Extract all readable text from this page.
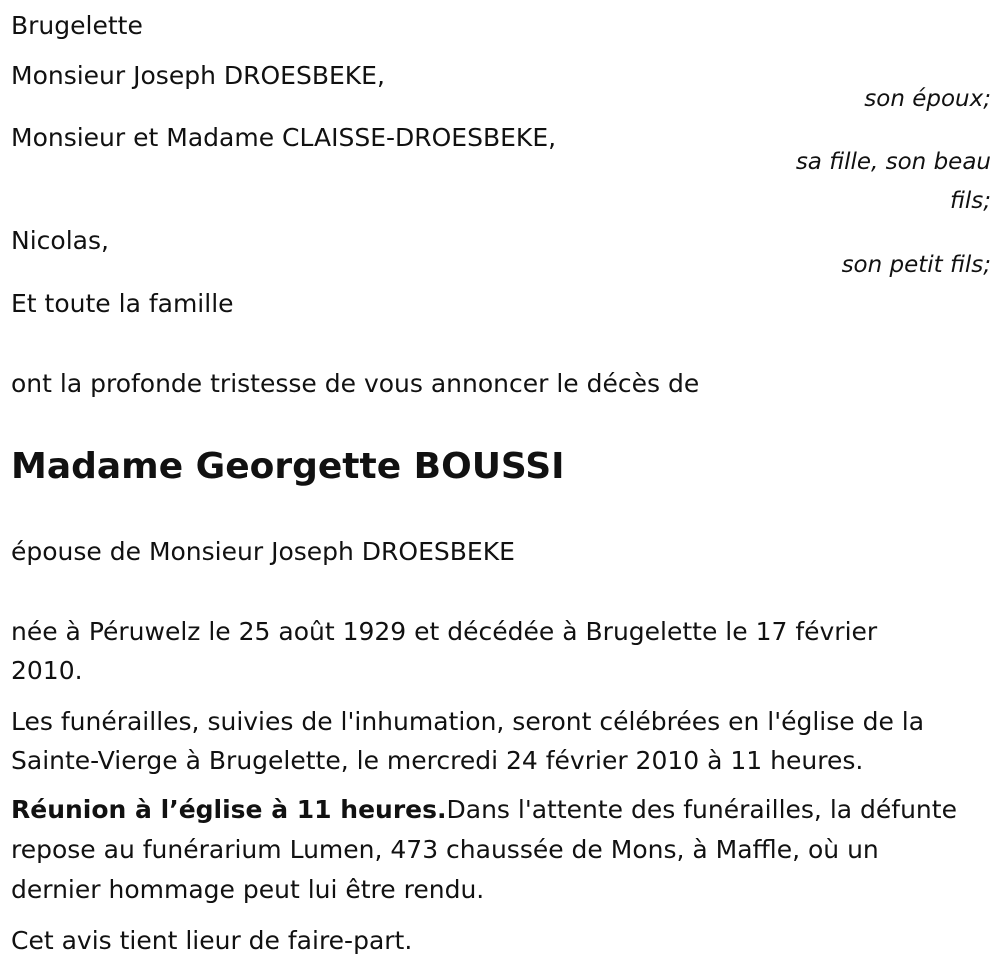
Brugelette
Monsieur Joseph DROESBEKE,
son époux;
Monsieur et Madame CLAISSE-DROESBEKE,
sa fille, son beau
fils;
Nicolas,
son petit fils;
Et toute la famille
ont la profonde tristesse de vous annoncer le décès de
Madame Georgette BOUSSI
épouse de Monsieur Joseph DROESBEKE
née à Péruwelz le 25 août 1929 et décédée à Brugelette le 17 février
2010.
Les funérailles, suivies de l'inhumation, seront célébrées en l'église de la
Sainte-Vierge à Brugelette, le mercredi 24 février 2010 à 11 heures.
Réunion à l’église à 11 heures.Dans l'attente des funérailles, la défunte
repose au funérarium Lumen, 473 chaussée de Mons, à Maffle, où un
dernier hommage peut lui être rendu.
Cet avis tient lieur de faire-part.
